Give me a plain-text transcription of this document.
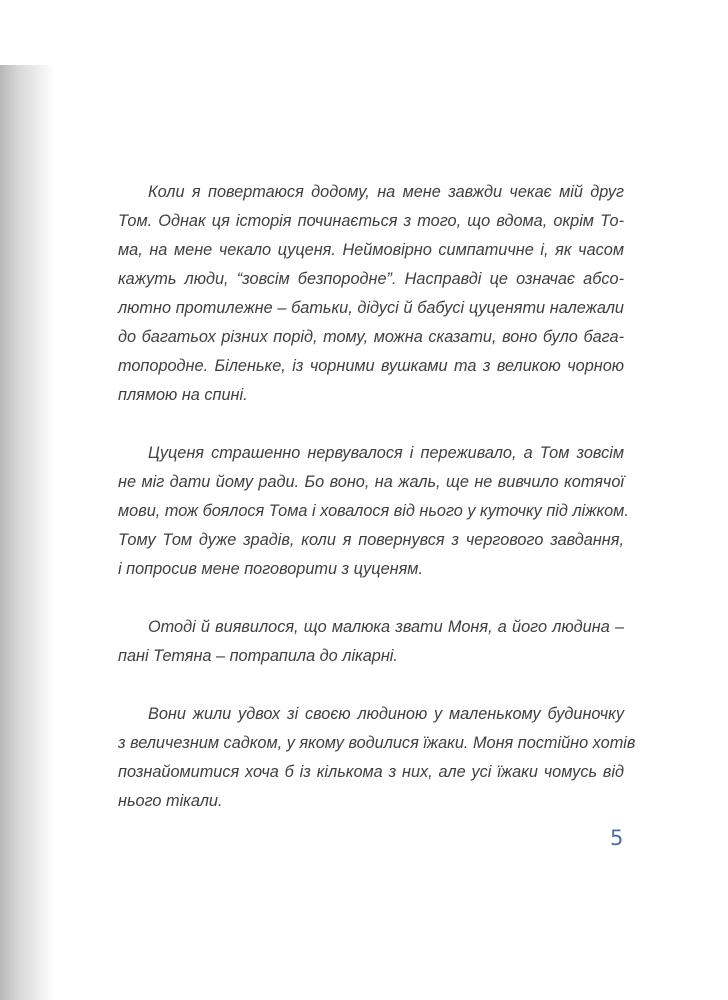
Коли я повертаюся додому, на мене завжди чекає мій друг
Том. Однак ця історія починається з того, що вдома, окрім То-
ма, на мене чекало цуценя. Неймовірно симпатичне і, як часом
кажуть люди, “зовсім безпородне”. Насправді це означає абсо-
лютно протилежне – батьки, дідусі й бабусі цуценяти належали
до багатьох різних порід, тому, можна сказати, воно було бага-
топородне. Біленьке, із чорними вушками та з великою чорною
плямою на спині.
Цуценя страшенно нервувалося і переживало, а Том зовсім
не міг дати йому ради. Бо воно, на жаль, ще не вивчило котячої
мови, тож боялося Тома і ховалося від нього у куточку під ліжком.
Тому Том дуже зрадів, коли я повернувся з чергового завдання,
і попросив мене поговорити з цуценям.
Отоді й виявилося, що малюка звати Моня, а його людина –
пані Тетяна – потрапила до лікарні.
Вони жили удвох зі своєю людиною у маленькому будиночку
з величезним садком, у якому водилися їжаки. Моня постійно хотів
познайомитися хоча б із кількома з них, але усі їжаки чомусь від
нього тікали.
5
